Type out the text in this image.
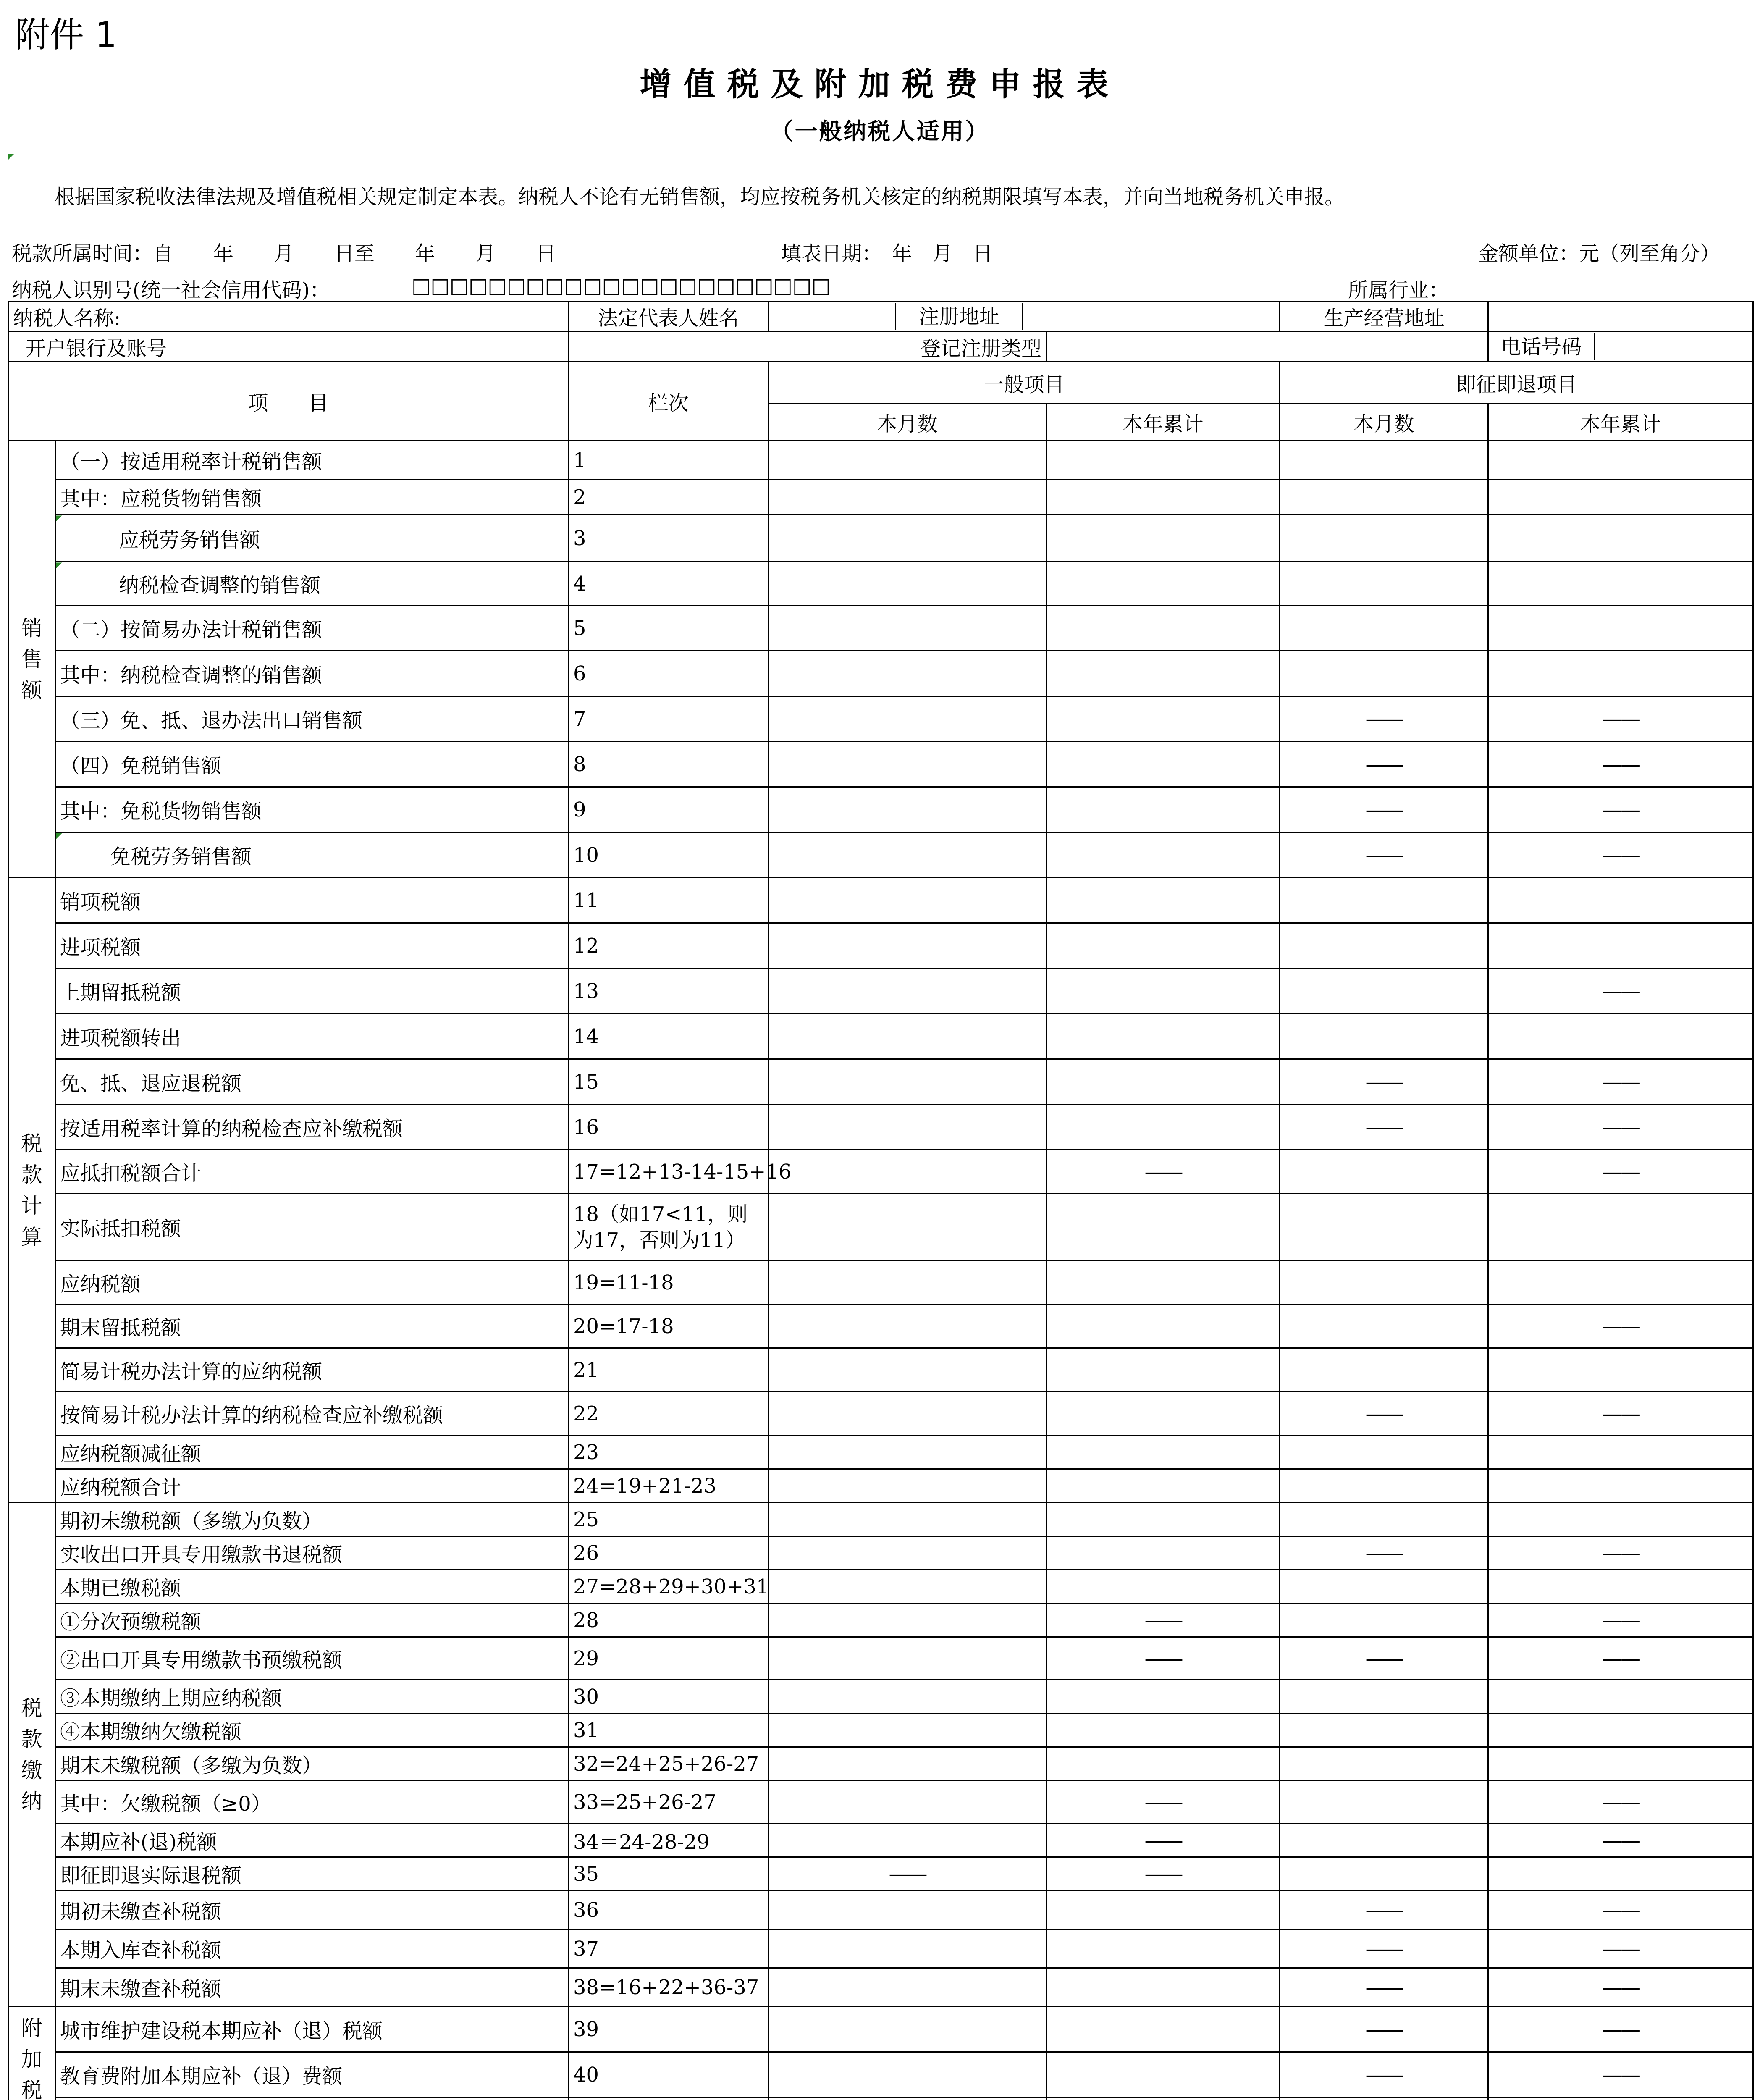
附件 1
增值税及附加税费申报表
（一般纳税人适用）
根据国家税收法律法规及增值税相关规定制定本表。纳税人不论有无销售额，均应按税务机关核定的纳税期限填写本表，并向当地税务机关申报。
税款所属时间：自　　年　　月　　日至　　年　　月　　日	填表日期：　年　月　日	金额单位：元（列至角分）
纳税人识别号(统一社会信用代码)：	□□□□□□□□□□□□□□□□□□□□□□	所属行业：
纳税人名称:		法定代表人姓名	注册地址		生产经营地址	
开户银行及账号		登记注册类型				电话号码

项　　目		栏次	一般项目		即征即退项目	
			本月数	本年累计	本月数	本年累计

销售额	（一）按适用税率计税销售额	1				
	其中：应税货物销售额	2				
	应税劳务销售额	3				
	纳税检查调整的销售额	4				
	（二）按简易办法计税销售额	5				
	其中：纳税检查调整的销售额	6				
	（三）免、抵、退办法出口销售额	7			——	——
	（四）免税销售额	8			——	——
	其中：免税货物销售额	9			——	——
	免税劳务销售额	10			——	——

税款计算	销项税额	11				
	进项税额	12				
	上期留抵税额	13				——
	进项税额转出	14				
	免、抵、退应退税额	15			——	——
	按适用税率计算的纳税检查应补缴税额	16			——	——
	应抵扣税额合计	17=12+13-14-15+16		——		——
	实际抵扣税额	18（如17<11，则为17，否则为11）				
	应纳税额	19=11-18				
	期末留抵税额	20=17-18				——
	简易计税办法计算的应纳税额	21				
	按简易计税办法计算的纳税检查应补缴税额	22			——	——
	应纳税额减征额	23				
	应纳税额合计	24=19+21-23				

税款缴纳	期初未缴税额（多缴为负数）	25				
	实收出口开具专用缴款书退税额	26			——	——
	本期已缴税额	27=28+29+30+31				
	①分次预缴税额	28		——		——
	②出口开具专用缴款书预缴税额	29		——	——	——
	③本期缴纳上期应纳税额	30				
	④本期缴纳欠缴税额	31				
	期末未缴税额（多缴为负数）	32=24+25+26-27				
	其中：欠缴税额（≥0）	33=25+26-27		——		——
	本期应补(退)税额	34＝24-28-29		——		——
	即征即退实际退税额	35	——	——		
	期初未缴查补税额	36			——	——
	本期入库查补税额	37			——	——
	期末未缴查补税额	38=16+22+36-37			——	——

附加税	城市维护建设税本期应补（退）税额	39			——	——
	教育费附加本期应补（退）费额	40			——	——
